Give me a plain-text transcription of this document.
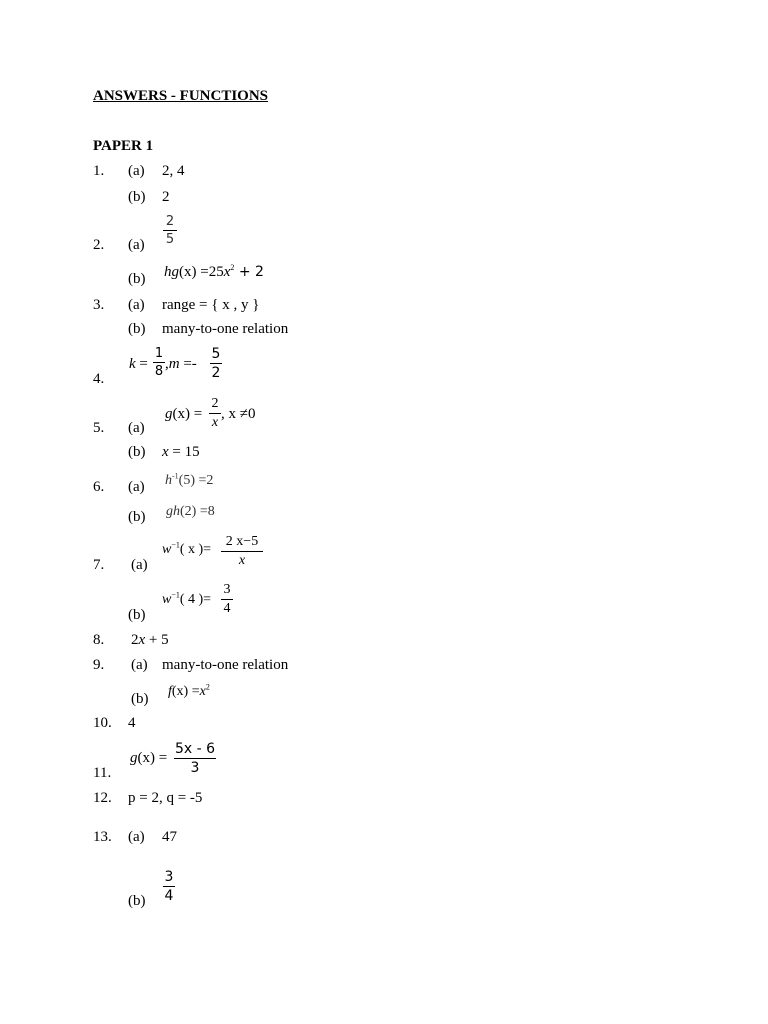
ANSWERS - FUNCTIONS
PAPER 1
1. (a) 2, 4
(b) 2
2. (a)
2
5
(b) $hg(x) =25x^2 + 2$
3. (a) range = { x , y }
(b) many-to-one relation
4.
k =
1
8 ,m =-
5
2
5. (a)
g(x) =
2
x
, x ≠0
(b) x = 15
6. (a) $h^{-1}(5) =2$
(b) gh(2) =8
7. (a)
$w^{-1}$( x )=
2 x−5
x
(b)
$w^{-1}$( 4 )=
3
4
8. 2x + 5
9. (a) many-to-one relation
(b) $f(x) =x^2$
10. 4
11.
g(x) =
5x - 6
3
12. p = 2, q = -5
13. (a) 47
(b)
3
4
